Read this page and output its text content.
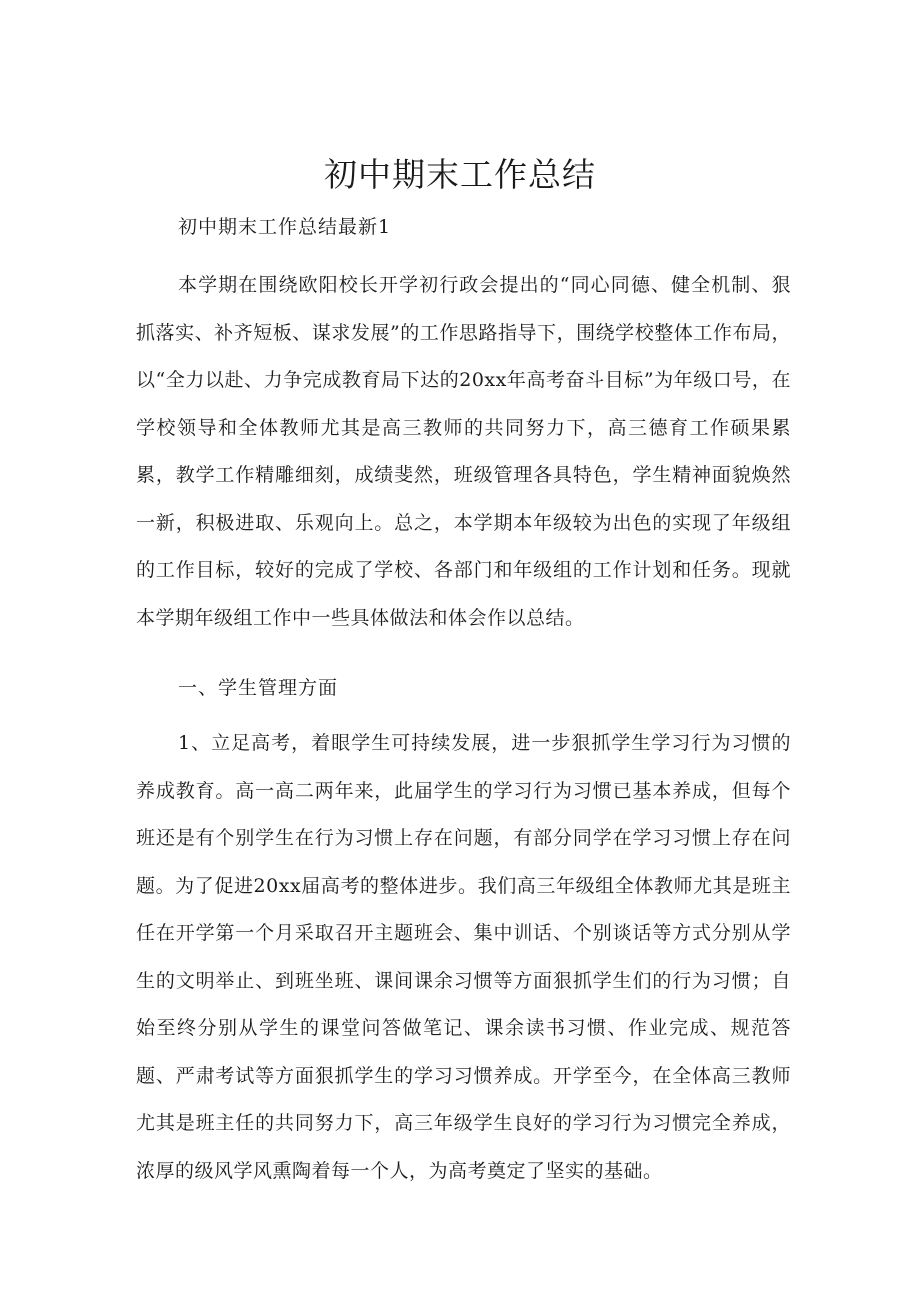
初中期末工作总结

初中期末工作总结最新1

本学期在围绕欧阳校长开学初行政会提出的“同心同德、健全机制、狠抓落实、补齐短板、谋求发展”的工作思路指导下，围绕学校整体工作布局，以“全力以赴、力争完成教育局下达的20xx年高考奋斗目标”为年级口号，在学校领导和全体教师尤其是高三教师的共同努力下，高三德育工作硕果累累，教学工作精雕细刻，成绩斐然，班级管理各具特色，学生精神面貌焕然一新，积极进取、乐观向上。总之，本学期本年级较为出色的实现了年级组的工作目标，较好的完成了学校、各部门和年级组的工作计划和任务。现就本学期年级组工作中一些具体做法和体会作以总结。

一、学生管理方面

1、立足高考，着眼学生可持续发展，进一步狠抓学生学习行为习惯的养成教育。高一高二两年来，此届学生的学习行为习惯已基本养成，但每个班还是有个别学生在行为习惯上存在问题，有部分同学在学习习惯上存在问题。为了促进20xx届高考的整体进步。我们高三年级组全体教师尤其是班主任在开学第一个月采取召开主题班会、集中训话、个别谈话等方式分别从学生的文明举止、到班坐班、课间课余习惯等方面狠抓学生们的行为习惯；自始至终分别从学生的课堂问答做笔记、课余读书习惯、作业完成、规范答题、严肃考试等方面狠抓学生的学习习惯养成。开学至今，在全体高三教师尤其是班主任的共同努力下，高三年级学生良好的学习行为习惯完全养成，浓厚的级风学风熏陶着每一个人，为高考奠定了坚实的基础。
